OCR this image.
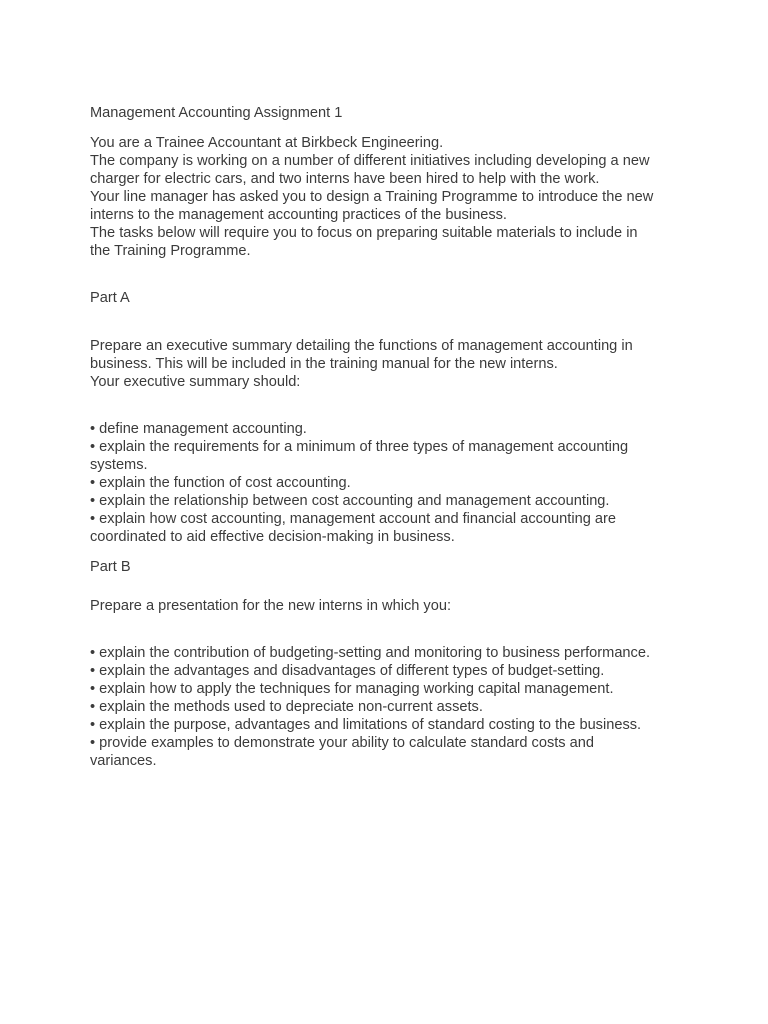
Management Accounting Assignment 1
You are a Trainee Accountant at Birkbeck Engineering.
The company is working on a number of different initiatives including developing a new
charger for electric cars, and two interns have been hired to help with the work.
Your line manager has asked you to design a Training Programme to introduce the new
interns to the management accounting practices of the business.
The tasks below will require you to focus on preparing suitable materials to include in
the Training Programme.
Part A
Prepare an executive summary detailing the functions of management accounting in
business. This will be included in the training manual for the new interns.
Your executive summary should:
• define management accounting.
• explain the requirements for a minimum of three types of management accounting
systems.
• explain the function of cost accounting.
• explain the relationship between cost accounting and management accounting.
• explain how cost accounting, management account and financial accounting are
coordinated to aid effective decision-making in business.
Part B
Prepare a presentation for the new interns in which you:
• explain the contribution of budgeting-setting and monitoring to business performance.
• explain the advantages and disadvantages of different types of budget-setting.
• explain how to apply the techniques for managing working capital management.
• explain the methods used to depreciate non-current assets.
• explain the purpose, advantages and limitations of standard costing to the business.
• provide examples to demonstrate your ability to calculate standard costs and
variances.
